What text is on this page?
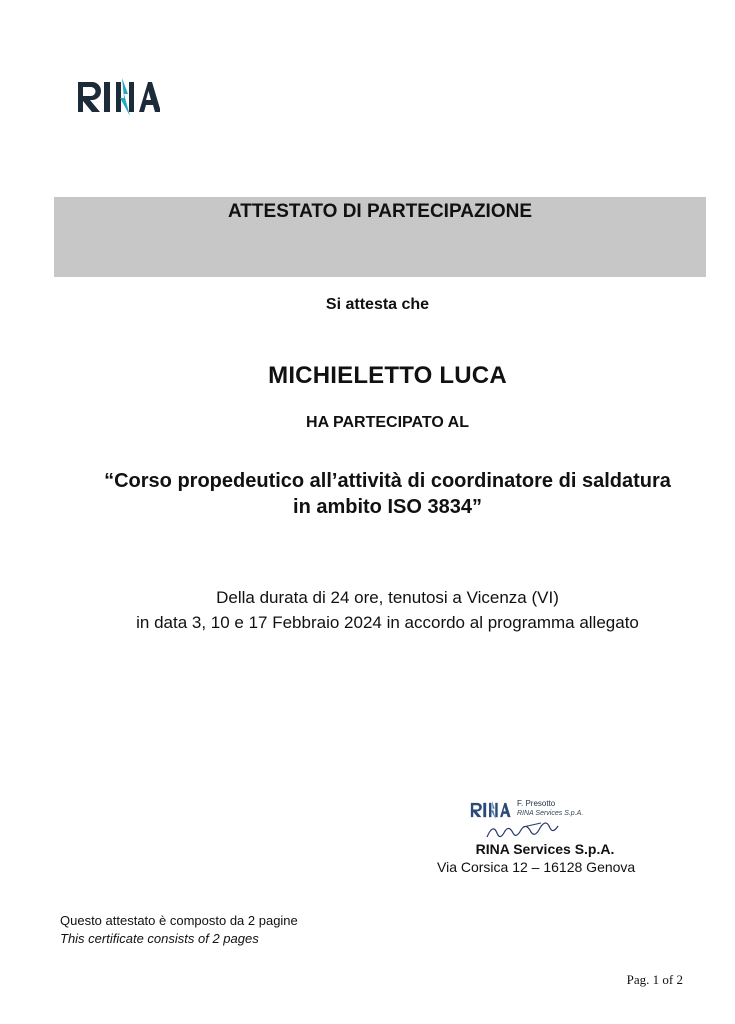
ATTESTATO DI PARTECIPAZIONE
Si attesta che
MICHIELETTO LUCA
HA PARTECIPATO AL
“Corso propedeutico all’attività di coordinatore di saldatura
in ambito ISO 3834”
Della durata di 24 ore, tenutosi a Vicenza (VI)
in data 3, 10 e 17 Febbraio 2024 in accordo al programma allegato
F. Presotto
RINA Services S.p.A.
RINA Services S.p.A.
Via Corsica 12 – 16128 Genova
Questo attestato è composto da 2 pagine
This certificate consists of 2 pages
Pag. 1 of 2
